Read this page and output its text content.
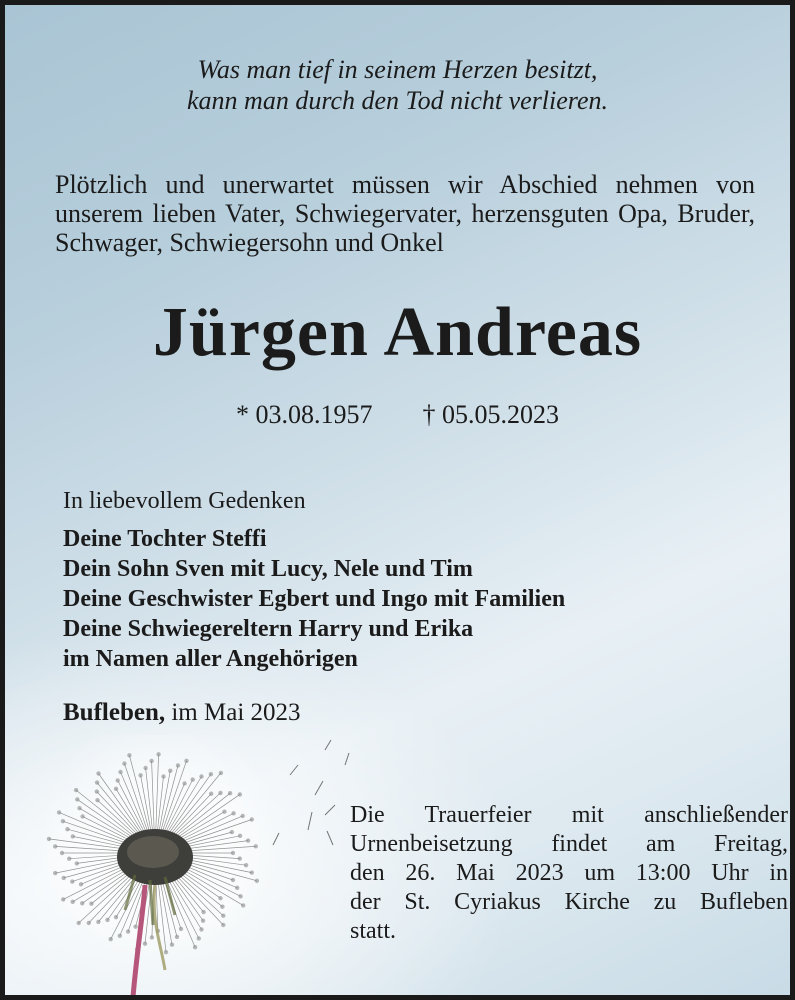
Was man tief in seinem Herzen besitzt,
kann man durch den Tod nicht verlieren.
Plötzlich und unerwartet müssen wir Abschied nehmen von unserem lieben Vater, Schwiegervater, herzensguten Opa, Bruder, Schwager, Schwiegersohn und Onkel
Jürgen Andreas
* 03.08.1957 † 05.05.2023
In liebevollem Gedenken
Deine Tochter Steffi
Dein Sohn Sven mit Lucy, Nele und Tim
Deine Geschwister Egbert und Ingo mit Familien
Deine Schwiegereltern Harry und Erika
im Namen aller Angehörigen
Bufleben, im Mai 2023
Die Trauerfeier mit anschließender
Urnenbeisetzung findet am Freitag,
den 26. Mai 2023 um 13:00 Uhr in
der St. Cyriakus Kirche zu Bufleben
statt.
